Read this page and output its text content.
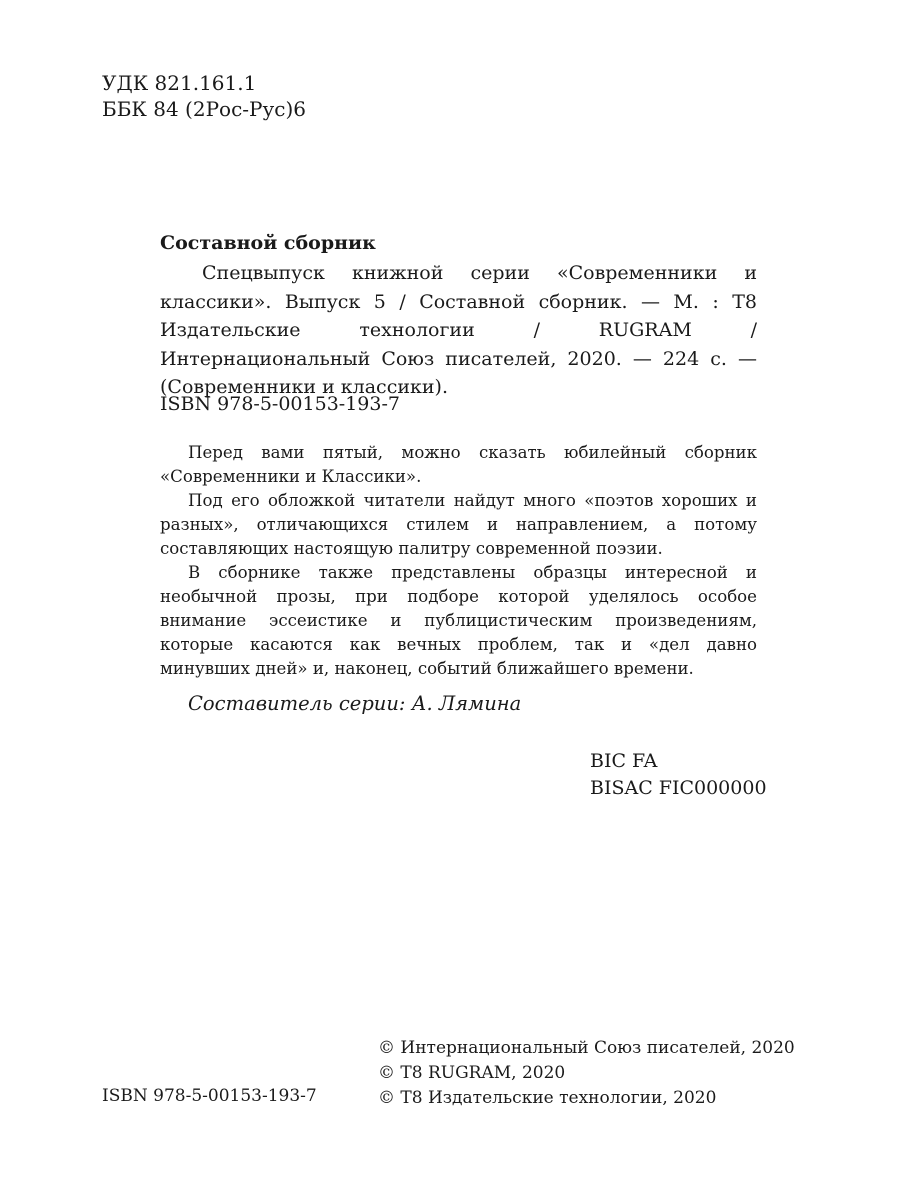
УДК 821.161.1
ББК 84 (2Рос-Рус)6
Составной сборник

Спецвыпуск книжной серии «Современники и классики». Выпуск 5 / Составной сборник. — М. : T8 Издательские технологии / RUGRAM / Интернациональный Союз писателей, 2020. — 224 с. — (Современники и классики).

ISBN 978-5-00153-193-7

Перед вами пятый, можно сказать юбилейный сборник «Современники и Классики».

Под его обложкой читатели найдут много «поэтов хороших и разных», отличающихся стилем и направлением, а потому составляющих настоящую палитру современной поэзии.

В сборнике также представлены образцы интересной и необычной прозы, при подборе которой уделялось особое внимание эссеистике и публицистическим произведениям, которые касаются как вечных проблем, так и «дел давно минувших дней» и, наконец, событий ближайшего времени.

Составитель серии: А. Лямина
BIC FA
BISAC FIC000000
© Интернациональный Союз писателей, 2020
© T8 RUGRAM, 2020
© T8 Издательские технологии, 2020
ISBN 978-5-00153-193-7
